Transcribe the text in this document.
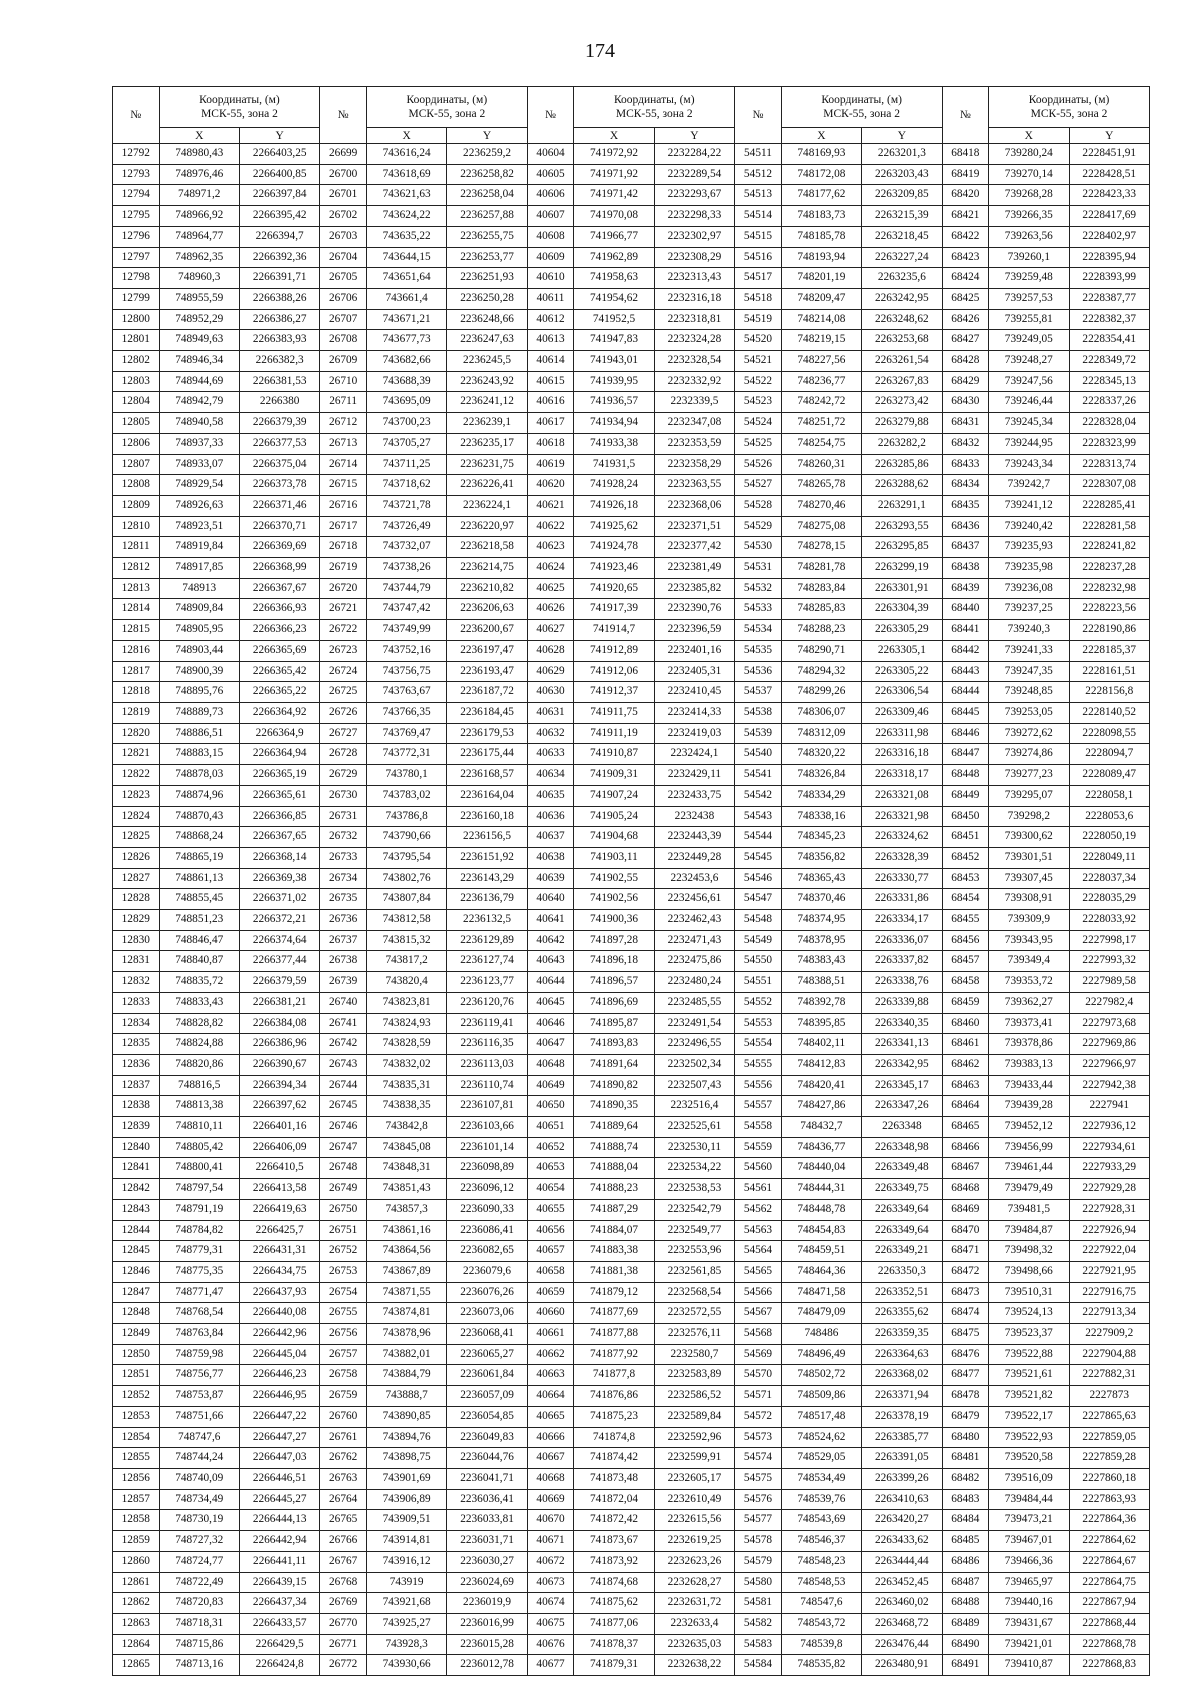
174
№	Координаты, (м)
МСК-55, зона 2		№	Координаты, (м)
МСК-55, зона 2		№	Координаты, (м)
МСК-55, зона 2		№	Координаты, (м)
МСК-55, зона 2		№	Координаты, (м)
МСК-55, зона 2	

	X	Y		X	Y		X	Y		X	Y		X	Y
12792	748980,43	2266403,25	26699	743616,24	2236259,2	40604	741972,92	2232284,22	54511	748169,93	2263201,3	68418	739280,24	2228451,91
12793	748976,46	2266400,85	26700	743618,69	2236258,82	40605	741971,92	2232289,54	54512	748172,08	2263203,43	68419	739270,14	2228428,51
12794	748971,2	2266397,84	26701	743621,63	2236258,04	40606	741971,42	2232293,67	54513	748177,62	2263209,85	68420	739268,28	2228423,33
12795	748966,92	2266395,42	26702	743624,22	2236257,88	40607	741970,08	2232298,33	54514	748183,73	2263215,39	68421	739266,35	2228417,69
12796	748964,77	2266394,7	26703	743635,22	2236255,75	40608	741966,77	2232302,97	54515	748185,78	2263218,45	68422	739263,56	2228402,97
12797	748962,35	2266392,36	26704	743644,15	2236253,77	40609	741962,89	2232308,29	54516	748193,94	2263227,24	68423	739260,1	2228395,94
12798	748960,3	2266391,71	26705	743651,64	2236251,93	40610	741958,63	2232313,43	54517	748201,19	2263235,6	68424	739259,48	2228393,99
12799	748955,59	2266388,26	26706	743661,4	2236250,28	40611	741954,62	2232316,18	54518	748209,47	2263242,95	68425	739257,53	2228387,77
12800	748952,29	2266386,27	26707	743671,21	2236248,66	40612	741952,5	2232318,81	54519	748214,08	2263248,62	68426	739255,81	2228382,37
12801	748949,63	2266383,93	26708	743677,73	2236247,63	40613	741947,83	2232324,28	54520	748219,15	2263253,68	68427	739249,05	2228354,41
12802	748946,34	2266382,3	26709	743682,66	2236245,5	40614	741943,01	2232328,54	54521	748227,56	2263261,54	68428	739248,27	2228349,72
12803	748944,69	2266381,53	26710	743688,39	2236243,92	40615	741939,95	2232332,92	54522	748236,77	2263267,83	68429	739247,56	2228345,13
12804	748942,79	2266380	26711	743695,09	2236241,12	40616	741936,57	2232339,5	54523	748242,72	2263273,42	68430	739246,44	2228337,26
12805	748940,58	2266379,39	26712	743700,23	2236239,1	40617	741934,94	2232347,08	54524	748251,72	2263279,88	68431	739245,34	2228328,04
12806	748937,33	2266377,53	26713	743705,27	2236235,17	40618	741933,38	2232353,59	54525	748254,75	2263282,2	68432	739244,95	2228323,99
12807	748933,07	2266375,04	26714	743711,25	2236231,75	40619	741931,5	2232358,29	54526	748260,31	2263285,86	68433	739243,34	2228313,74
12808	748929,54	2266373,78	26715	743718,62	2236226,41	40620	741928,24	2232363,55	54527	748265,78	2263288,62	68434	739242,7	2228307,08
12809	748926,63	2266371,46	26716	743721,78	2236224,1	40621	741926,18	2232368,06	54528	748270,46	2263291,1	68435	739241,12	2228285,41
12810	748923,51	2266370,71	26717	743726,49	2236220,97	40622	741925,62	2232371,51	54529	748275,08	2263293,55	68436	739240,42	2228281,58
12811	748919,84	2266369,69	26718	743732,07	2236218,58	40623	741924,78	2232377,42	54530	748278,15	2263295,85	68437	739235,93	2228241,82
12812	748917,85	2266368,99	26719	743738,26	2236214,75	40624	741923,46	2232381,49	54531	748281,78	2263299,19	68438	739235,98	2228237,28
12813	748913	2266367,67	26720	743744,79	2236210,82	40625	741920,65	2232385,82	54532	748283,84	2263301,91	68439	739236,08	2228232,98
12814	748909,84	2266366,93	26721	743747,42	2236206,63	40626	741917,39	2232390,76	54533	748285,83	2263304,39	68440	739237,25	2228223,56
12815	748905,95	2266366,23	26722	743749,99	2236200,67	40627	741914,7	2232396,59	54534	748288,23	2263305,29	68441	739240,3	2228190,86
12816	748903,44	2266365,69	26723	743752,16	2236197,47	40628	741912,89	2232401,16	54535	748290,71	2263305,1	68442	739241,33	2228185,37
12817	748900,39	2266365,42	26724	743756,75	2236193,47	40629	741912,06	2232405,31	54536	748294,32	2263305,22	68443	739247,35	2228161,51
12818	748895,76	2266365,22	26725	743763,67	2236187,72	40630	741912,37	2232410,45	54537	748299,26	2263306,54	68444	739248,85	2228156,8
12819	748889,73	2266364,92	26726	743766,35	2236184,45	40631	741911,75	2232414,33	54538	748306,07	2263309,46	68445	739253,05	2228140,52
12820	748886,51	2266364,9	26727	743769,47	2236179,53	40632	741911,19	2232419,03	54539	748312,09	2263311,98	68446	739272,62	2228098,55
12821	748883,15	2266364,94	26728	743772,31	2236175,44	40633	741910,87	2232424,1	54540	748320,22	2263316,18	68447	739274,86	2228094,7
12822	748878,03	2266365,19	26729	743780,1	2236168,57	40634	741909,31	2232429,11	54541	748326,84	2263318,17	68448	739277,23	2228089,47
12823	748874,96	2266365,61	26730	743783,02	2236164,04	40635	741907,24	2232433,75	54542	748334,29	2263321,08	68449	739295,07	2228058,1
12824	748870,43	2266366,85	26731	743786,8	2236160,18	40636	741905,24	2232438	54543	748338,16	2263321,98	68450	739298,2	2228053,6
12825	748868,24	2266367,65	26732	743790,66	2236156,5	40637	741904,68	2232443,39	54544	748345,23	2263324,62	68451	739300,62	2228050,19
12826	748865,19	2266368,14	26733	743795,54	2236151,92	40638	741903,11	2232449,28	54545	748356,82	2263328,39	68452	739301,51	2228049,11
12827	748861,13	2266369,38	26734	743802,76	2236143,29	40639	741902,55	2232453,6	54546	748365,43	2263330,77	68453	739307,45	2228037,34
12828	748855,45	2266371,02	26735	743807,84	2236136,79	40640	741902,56	2232456,61	54547	748370,46	2263331,86	68454	739308,91	2228035,29
12829	748851,23	2266372,21	26736	743812,58	2236132,5	40641	741900,36	2232462,43	54548	748374,95	2263334,17	68455	739309,9	2228033,92
12830	748846,47	2266374,64	26737	743815,32	2236129,89	40642	741897,28	2232471,43	54549	748378,95	2263336,07	68456	739343,95	2227998,17
12831	748840,87	2266377,44	26738	743817,2	2236127,74	40643	741896,18	2232475,86	54550	748383,43	2263337,82	68457	739349,4	2227993,32
12832	748835,72	2266379,59	26739	743820,4	2236123,77	40644	741896,57	2232480,24	54551	748388,51	2263338,76	68458	739353,72	2227989,58
12833	748833,43	2266381,21	26740	743823,81	2236120,76	40645	741896,69	2232485,55	54552	748392,78	2263339,88	68459	739362,27	2227982,4
12834	748828,82	2266384,08	26741	743824,93	2236119,41	40646	741895,87	2232491,54	54553	748395,85	2263340,35	68460	739373,41	2227973,68
12835	748824,88	2266386,96	26742	743828,59	2236116,35	40647	741893,83	2232496,55	54554	748402,11	2263341,13	68461	739378,86	2227969,86
12836	748820,86	2266390,67	26743	743832,02	2236113,03	40648	741891,64	2232502,34	54555	748412,83	2263342,95	68462	739383,13	2227966,97
12837	748816,5	2266394,34	26744	743835,31	2236110,74	40649	741890,82	2232507,43	54556	748420,41	2263345,17	68463	739433,44	2227942,38
12838	748813,38	2266397,62	26745	743838,35	2236107,81	40650	741890,35	2232516,4	54557	748427,86	2263347,26	68464	739439,28	2227941
12839	748810,11	2266401,16	26746	743842,8	2236103,66	40651	741889,64	2232525,61	54558	748432,7	2263348	68465	739452,12	2227936,12
12840	748805,42	2266406,09	26747	743845,08	2236101,14	40652	741888,74	2232530,11	54559	748436,77	2263348,98	68466	739456,99	2227934,61
12841	748800,41	2266410,5	26748	743848,31	2236098,89	40653	741888,04	2232534,22	54560	748440,04	2263349,48	68467	739461,44	2227933,29
12842	748797,54	2266413,58	26749	743851,43	2236096,12	40654	741888,23	2232538,53	54561	748444,31	2263349,75	68468	739479,49	2227929,28
12843	748791,19	2266419,63	26750	743857,3	2236090,33	40655	741887,29	2232542,79	54562	748448,78	2263349,64	68469	739481,5	2227928,31
12844	748784,82	2266425,7	26751	743861,16	2236086,41	40656	741884,07	2232549,77	54563	748454,83	2263349,64	68470	739484,87	2227926,94
12845	748779,31	2266431,31	26752	743864,56	2236082,65	40657	741883,38	2232553,96	54564	748459,51	2263349,21	68471	739498,32	2227922,04
12846	748775,35	2266434,75	26753	743867,89	2236079,6	40658	741881,38	2232561,85	54565	748464,36	2263350,3	68472	739498,66	2227921,95
12847	748771,47	2266437,93	26754	743871,55	2236076,26	40659	741879,12	2232568,54	54566	748471,58	2263352,51	68473	739510,31	2227916,75
12848	748768,54	2266440,08	26755	743874,81	2236073,06	40660	741877,69	2232572,55	54567	748479,09	2263355,62	68474	739524,13	2227913,34
12849	748763,84	2266442,96	26756	743878,96	2236068,41	40661	741877,88	2232576,11	54568	748486	2263359,35	68475	739523,37	2227909,2
12850	748759,98	2266445,04	26757	743882,01	2236065,27	40662	741877,92	2232580,7	54569	748496,49	2263364,63	68476	739522,88	2227904,88
12851	748756,77	2266446,23	26758	743884,79	2236061,84	40663	741877,8	2232583,89	54570	748502,72	2263368,02	68477	739521,61	2227882,31
12852	748753,87	2266446,95	26759	743888,7	2236057,09	40664	741876,86	2232586,52	54571	748509,86	2263371,94	68478	739521,82	2227873
12853	748751,66	2266447,22	26760	743890,85	2236054,85	40665	741875,23	2232589,84	54572	748517,48	2263378,19	68479	739522,17	2227865,63
12854	748747,6	2266447,27	26761	743894,76	2236049,83	40666	741874,8	2232592,96	54573	748524,62	2263385,77	68480	739522,93	2227859,05
12855	748744,24	2266447,03	26762	743898,75	2236044,76	40667	741874,42	2232599,91	54574	748529,05	2263391,05	68481	739520,58	2227859,28
12856	748740,09	2266446,51	26763	743901,69	2236041,71	40668	741873,48	2232605,17	54575	748534,49	2263399,26	68482	739516,09	2227860,18
12857	748734,49	2266445,27	26764	743906,89	2236036,41	40669	741872,04	2232610,49	54576	748539,76	2263410,63	68483	739484,44	2227863,93
12858	748730,19	2266444,13	26765	743909,51	2236033,81	40670	741872,42	2232615,56	54577	748543,69	2263420,27	68484	739473,21	2227864,36
12859	748727,32	2266442,94	26766	743914,81	2236031,71	40671	741873,67	2232619,25	54578	748546,37	2263433,62	68485	739467,01	2227864,62
12860	748724,77	2266441,11	26767	743916,12	2236030,27	40672	741873,92	2232623,26	54579	748548,23	2263444,44	68486	739466,36	2227864,67
12861	748722,49	2266439,15	26768	743919	2236024,69	40673	741874,68	2232628,27	54580	748548,53	2263452,45	68487	739465,97	2227864,75
12862	748720,83	2266437,34	26769	743921,68	2236019,9	40674	741875,62	2232631,72	54581	748547,6	2263460,02	68488	739440,16	2227867,94
12863	748718,31	2266433,57	26770	743925,27	2236016,99	40675	741877,06	2232633,4	54582	748543,72	2263468,72	68489	739431,67	2227868,44
12864	748715,86	2266429,5	26771	743928,3	2236015,28	40676	741878,37	2232635,03	54583	748539,8	2263476,44	68490	739421,01	2227868,78
12865	748713,16	2266424,8	26772	743930,66	2236012,78	40677	741879,31	2232638,22	54584	748535,82	2263480,91	68491	739410,87	2227868,83
